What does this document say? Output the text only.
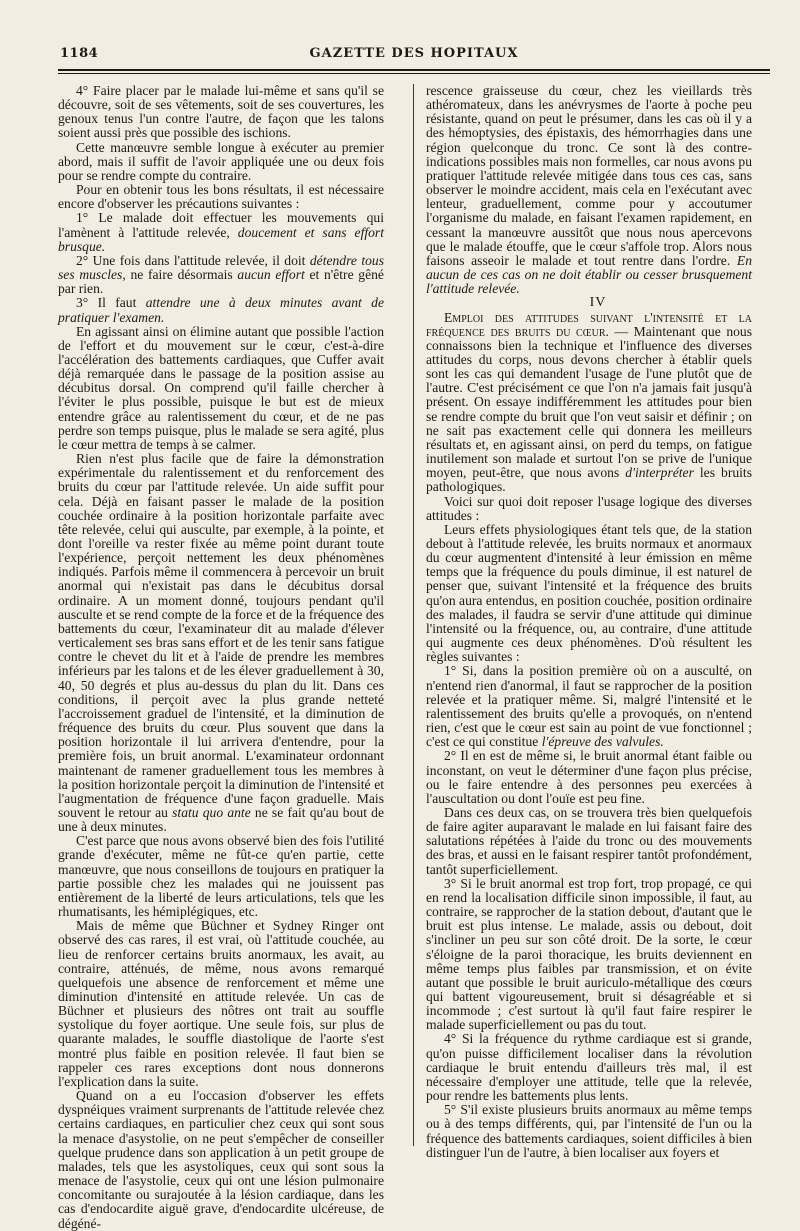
1184	GAZETTE DES HOPITAUX

4° Faire placer par le malade lui-même et sans qu'il se découvre, soit de ses vêtements, soit de ses couvertures, les genoux tenus l'un contre l'autre, de façon que les talons soient aussi près que possible des ischions.

Cette manœuvre semble longue à exécuter au premier abord, mais il suffit de l'avoir appliquée une ou deux fois pour se rendre compte du contraire.

Pour en obtenir tous les bons résultats, il est nécessaire encore d'observer les précautions suivantes :

1° Le malade doit effectuer les mouvements qui l'amènent à l'attitude relevée, doucement et sans effort brusque.

2° Une fois dans l'attitude relevée, il doit détendre tous ses muscles, ne faire désormais aucun effort et n'être gêné par rien.

3° Il faut attendre une à deux minutes avant de pratiquer l'examen.

En agissant ainsi on élimine autant que possible l'action de l'effort et du mouvement sur le cœur, c'est-à-dire l'accélération des battements cardiaques, que Cuffer avait déjà remarquée dans le passage de la position assise au décubitus dorsal. On comprend qu'il faille chercher à l'éviter le plus possible, puisque le but est de mieux entendre grâce au ralentissement du cœur, et de ne pas perdre son temps puisque, plus le malade se sera agité, plus le cœur mettra de temps à se calmer.

Rien n'est plus facile que de faire la démonstration expérimentale du ralentissement et du renforcement des bruits du cœur par l'attitude relevée. Un aide suffit pour cela. Déjà en faisant passer le malade de la position couchée ordinaire à la position horizontale parfaite avec tête relevée, celui qui ausculte, par exemple, à la pointe, et dont l'oreille va rester fixée au même point durant toute l'expérience, perçoit nettement les deux phénomènes indiqués. Parfois même il commencera à percevoir un bruit anormal qui n'existait pas dans le décubitus dorsal ordinaire. A un moment donné, toujours pendant qu'il ausculte et se rend compte de la force et de la fréquence des battements du cœur, l'examinateur dit au malade d'élever verticalement ses bras sans effort et de les tenir sans fatigue contre le chevet du lit et à l'aide de prendre les membres inférieurs par les talons et de les élever graduellement à 30, 40, 50 degrés et plus au-dessus du plan du lit. Dans ces conditions, il perçoit avec la plus grande netteté l'accroissement graduel de l'intensité, et la diminution de fréquence des bruits du cœur. Plus souvent que dans la position horizontale il lui arrivera d'entendre, pour la première fois, un bruit anormal. L'examinateur ordonnant maintenant de ramener graduellement tous les membres à la position horizontale perçoit la diminution de l'intensité et l'augmentation de fréquence d'une façon graduelle. Mais souvent le retour au statu quo ante ne se fait qu'au bout de une à deux minutes.

C'est parce que nous avons observé bien des fois l'utilité grande d'exécuter, même ne fût-ce qu'en partie, cette manœuvre, que nous conseillons de toujours en pratiquer la partie possible chez les malades qui ne jouissent pas entièrement de la liberté de leurs articulations, tels que les rhumatisants, les hémiplégiques, etc.

Mais de même que Büchner et Sydney Ringer ont observé des cas rares, il est vrai, où l'attitude couchée, au lieu de renforcer certains bruits anormaux, les avait, au contraire, atténués, de même, nous avons remarqué quelquefois une absence de renforcement et même une diminution d'intensité en attitude relevée. Un cas de Büchner et plusieurs des nôtres ont trait au souffle systolique du foyer aortique. Une seule fois, sur plus de quarante malades, le souffle diastolique de l'aorte s'est montré plus faible en position relevée. Il faut bien se rappeler ces rares exceptions dont nous donnerons l'explication dans la suite.

Quand on a eu l'occasion d'observer les effets dyspnéiques vraiment surprenants de l'attitude relevée chez certains cardiaques, en particulier chez ceux qui sont sous la menace d'asystolie, on ne peut s'empêcher de conseiller quelque prudence dans son application à un petit groupe de malades, tels que les asystoliques, ceux qui sont sous la menace de l'asystolie, ceux qui ont une lésion pulmonaire concomitante ou surajoutée à la lésion cardiaque, dans les cas d'endocardite aiguë grave, d'endocardite ulcéreuse, de dégéné-

rescence graisseuse du cœur, chez les vieillards très athéromateux, dans les anévrysmes de l'aorte à poche peu résistante, quand on peut le présumer, dans les cas où il y a des hémoptysies, des épistaxis, des hémorrhagies dans une région quelconque du tronc. Ce sont là des contre-indications possibles mais non formelles, car nous avons pu pratiquer l'attitude relevée mitigée dans tous ces cas, sans observer le moindre accident, mais cela en l'exécutant avec lenteur, graduellement, comme pour y accoutumer l'organisme du malade, en faisant l'examen rapidement, en cessant la manœuvre aussitôt que nous nous apercevons que le malade étouffe, que le cœur s'affole trop. Alors nous faisons asseoir le malade et tout rentre dans l'ordre. En aucun de ces cas on ne doit établir ou cesser brusquement l'attitude relevée.

IV

Emploi des attitudes suivant l'intensité et la fréquence des bruits du cœur. — Maintenant que nous connaissons bien la technique et l'influence des diverses attitudes du corps, nous devons chercher à établir quels sont les cas qui demandent l'usage de l'une plutôt que de l'autre. C'est précisément ce que l'on n'a jamais fait jusqu'à présent. On essaye indifféremment les attitudes pour bien se rendre compte du bruit que l'on veut saisir et définir ; on ne sait pas exactement celle qui donnera les meilleurs résultats et, en agissant ainsi, on perd du temps, on fatigue inutilement son malade et surtout l'on se prive de l'unique moyen, peut-être, que nous avons d'interpréter les bruits pathologiques.

Voici sur quoi doit reposer l'usage logique des diverses attitudes :

Leurs effets physiologiques étant tels que, de la station debout à l'attitude relevée, les bruits normaux et anormaux du cœur augmentent d'intensité à leur émission en même temps que la fréquence du pouls diminue, il est naturel de penser que, suivant l'intensité et la fréquence des bruits qu'on aura entendus, en position couchée, position ordinaire des malades, il faudra se servir d'une attitude qui diminue l'intensité ou la fréquence, ou, au contraire, d'une attitude qui augmente ces deux phénomènes. D'où résultent les règles suivantes :

1° Si, dans la position première où on a ausculté, on n'entend rien d'anormal, il faut se rapprocher de la position relevée et la pratiquer même. Si, malgré l'intensité et le ralentissement des bruits qu'elle a provoqués, on n'entend rien, c'est que le cœur est sain au point de vue fonctionnel ; c'est ce qui constitue l'épreuve des valvules.

2° Il en est de même si, le bruit anormal étant faible ou inconstant, on veut le déterminer d'une façon plus précise, ou le faire entendre à des personnes peu exercées à l'auscultation ou dont l'ouïe est peu fine.

Dans ces deux cas, on se trouvera très bien quelquefois de faire agiter auparavant le malade en lui faisant faire des salutations répétées à l'aide du tronc ou des mouvements des bras, et aussi en le faisant respirer tantôt profondément, tantôt superficiellement.

3° Si le bruit anormal est trop fort, trop propagé, ce qui en rend la localisation difficile sinon impossible, il faut, au contraire, se rapprocher de la station debout, d'autant que le bruit est plus intense. Le malade, assis ou debout, doit s'incliner un peu sur son côté droit. De la sorte, le cœur s'éloigne de la paroi thoracique, les bruits deviennent en même temps plus faibles par transmission, et on évite autant que possible le bruit auriculo-métallique des cœurs qui battent vigoureusement, bruit si désagréable et si incommode ; c'est surtout là qu'il faut faire respirer le malade superficiellement ou pas du tout.

4° Si la fréquence du rythme cardiaque est si grande, qu'on puisse difficilement localiser dans la révolution cardiaque le bruit entendu d'ailleurs très mal, il est nécessaire d'employer une attitude, telle que la relevée, pour rendre les battements plus lents.

5° S'il existe plusieurs bruits anormaux au même temps ou à des temps différents, qui, par l'intensité de l'un ou la fréquence des battements cardiaques, soient difficiles à bien distinguer l'un de l'autre, à bien localiser aux foyers et
